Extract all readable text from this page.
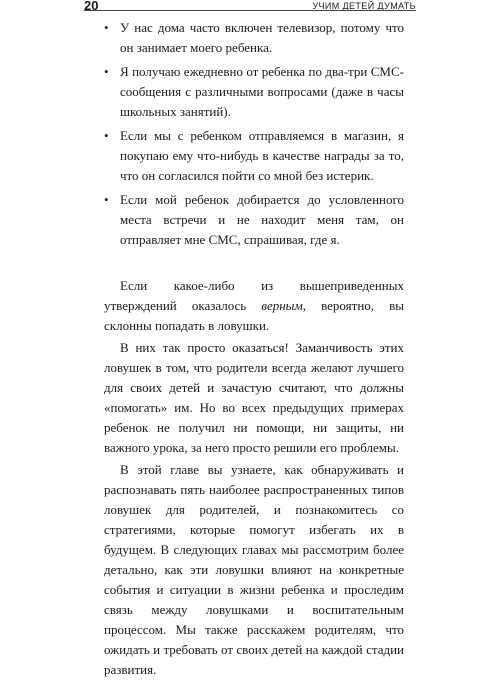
20	УЧИМ ДЕТЕЙ ДУМАТЬ
• У нас дома часто включен телевизор, потому что он занимает моего ребенка.
• Я получаю ежедневно от ребенка по два-три СМС-сообщения с различными вопросами (даже в часы школьных занятий).
• Если мы с ребенком отправляемся в магазин, я покупаю ему что-нибудь в качестве награды за то, что он согласился пойти со мной без истерик.
• Если мой ребенок добирается до условленного места встречи и не находит меня там, он отправляет мне СМС, спрашивая, где я.

Если какое-либо из вышеприведенных утверждений оказалось верным, вероятно, вы склонны попадать в ловушки.

В них так просто оказаться! Заманчивость этих ловушек в том, что родители всегда желают лучшего для своих детей и зачастую считают, что должны «помогать» им. Но во всех предыдущих примерах ребенок не получил ни помощи, ни защиты, ни важного урока, за него просто решили его проблемы.

В этой главе вы узнаете, как обнаруживать и распознавать пять наиболее распространенных типов ловушек для родителей, и познакомитесь со стратегиями, которые помогут избегать их в будущем. В следующих главах мы рассмотрим более детально, как эти ловушки влияют на конкретные события и ситуации в жизни ребенка и проследим связь между ловушками и воспитательным процессом. Мы также расскажем родителям, что ожидать и требовать от своих детей на каждой стадии развития.
